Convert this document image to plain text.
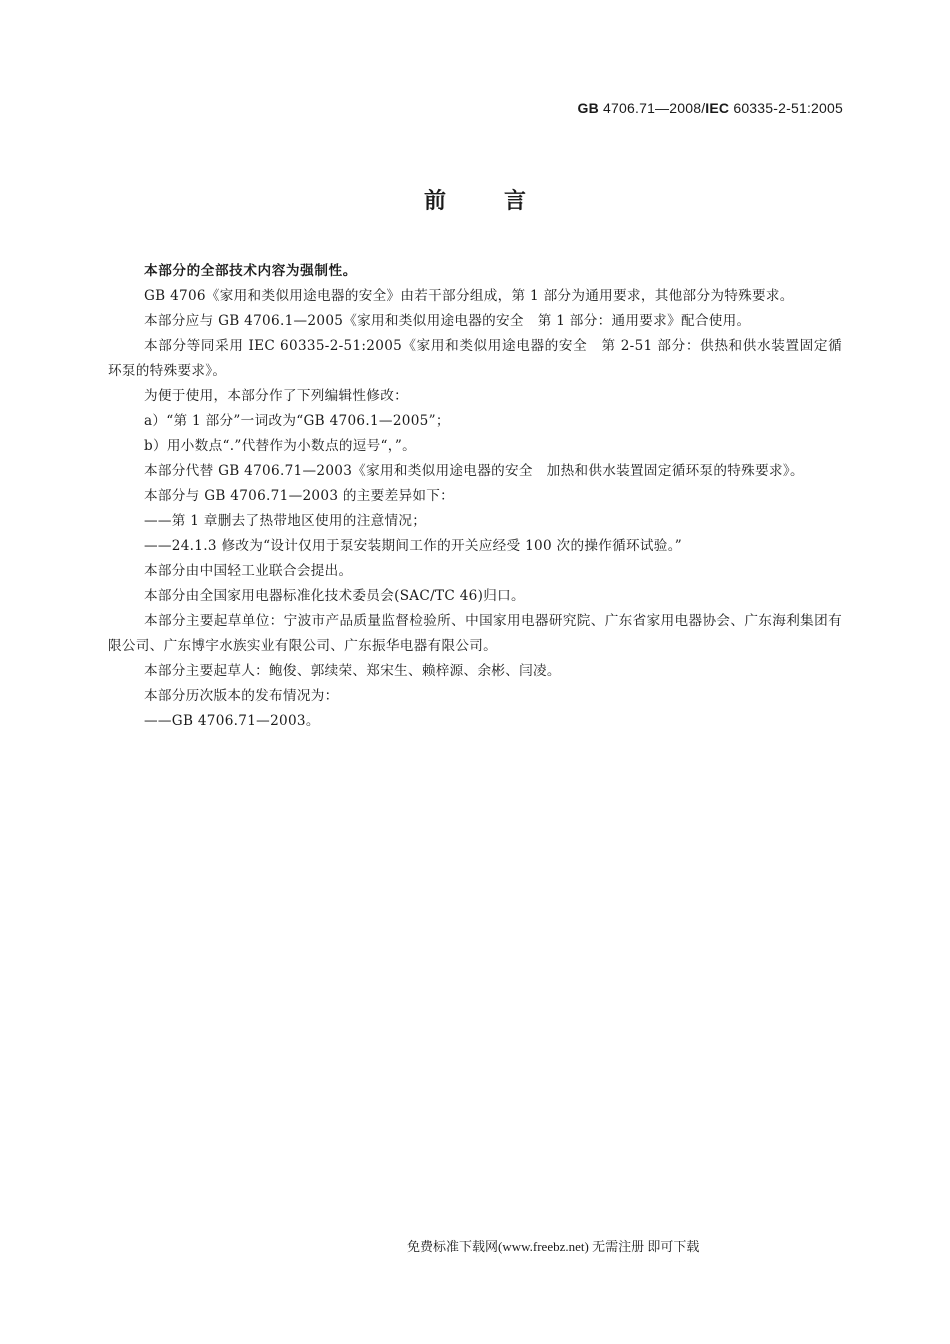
GB 4706.71—2008/IEC 60335-2-51:2005
前言

本部分的全部技术内容为强制性。

GB 4706《家用和类似用途电器的安全》由若干部分组成，第 1 部分为通用要求，其他部分为特殊要求。

本部分应与 GB 4706.1—2005《家用和类似用途电器的安全　第 1 部分：通用要求》配合使用。

本部分等同采用 IEC 60335-2-51:2005《家用和类似用途电器的安全　第 2-51 部分：供热和供水装置固定循环泵的特殊要求》。

为便于使用，本部分作了下列编辑性修改：

a）“第 1 部分”一词改为“GB 4706.1—2005”；

b）用小数点“.”代替作为小数点的逗号“，”。

本部分代替 GB 4706.71—2003《家用和类似用途电器的安全　加热和供水装置固定循环泵的特殊要求》。

本部分与 GB 4706.71—2003 的主要差异如下：

——第 1 章删去了热带地区使用的注意情况；

——24.1.3 修改为“设计仅用于泵安装期间工作的开关应经受 100 次的操作循环试验。”

本部分由中国轻工业联合会提出。

本部分由全国家用电器标准化技术委员会(SAC/TC 46)归口。

本部分主要起草单位：宁波市产品质量监督检验所、中国家用电器研究院、广东省家用电器协会、广东海利集团有限公司、广东博宇水族实业有限公司、广东振华电器有限公司。

本部分主要起草人：鲍俊、郭续荣、郑宋生、赖梓源、余彬、闫凌。

本部分历次版本的发布情况为：

——GB 4706.71—2003。

免费标准下载网(www.freebz.net) 无需注册 即可下载
